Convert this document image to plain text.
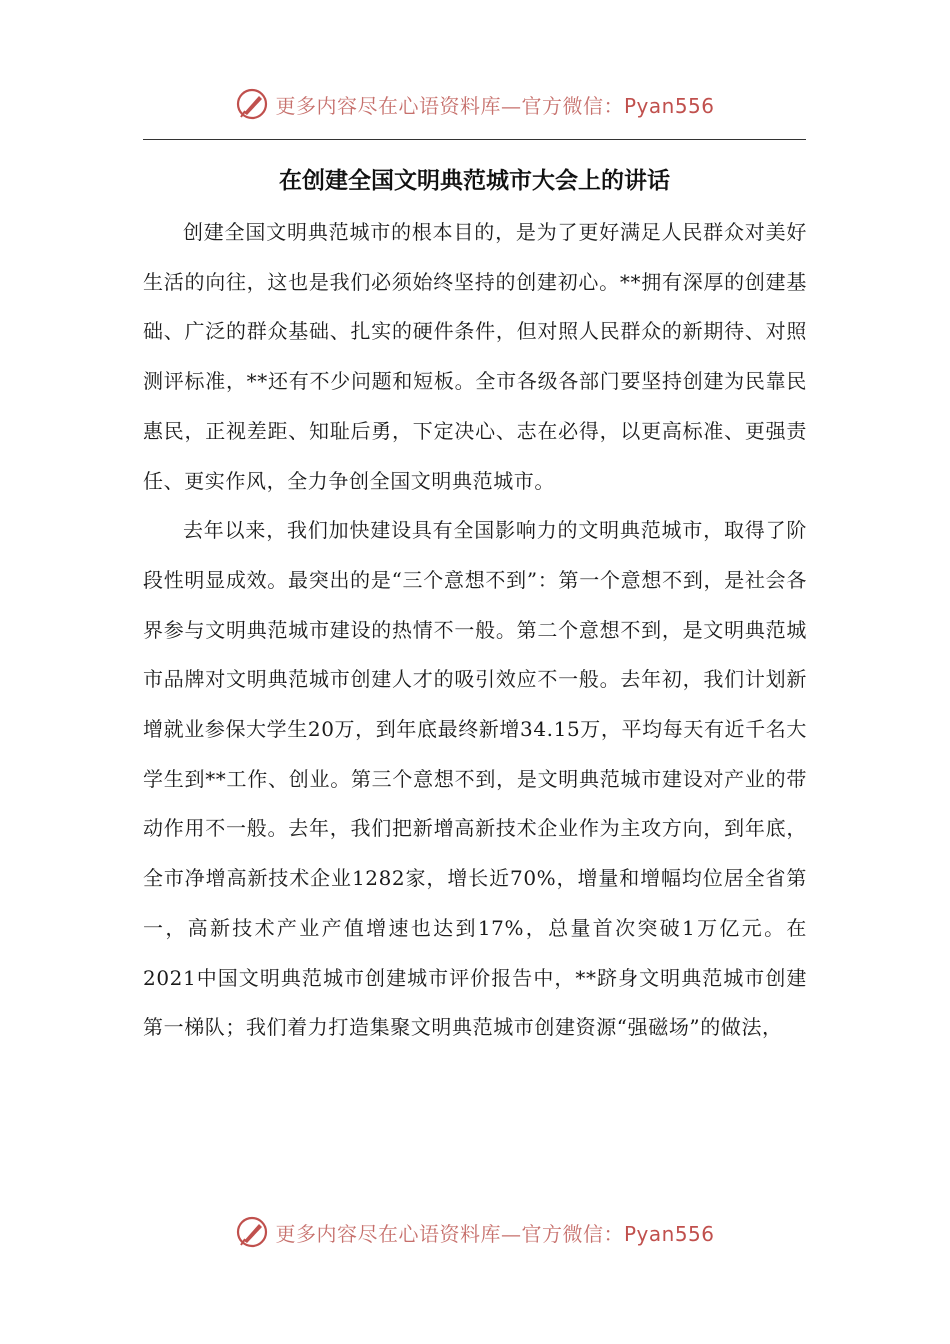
更多内容尽在心语资料库—官方微信：Pyan556
在创建全国文明典范城市大会上的讲话

创建全国文明典范城市的根本目的，是为了更好满足人民群众对美好生活的向往，这也是我们必须始终坚持的创建初心。**拥有深厚的创建基础、广泛的群众基础、扎实的硬件条件，但对照人民群众的新期待、对照测评标准，**还有不少问题和短板。全市各级各部门要坚持创建为民靠民惠民，正视差距、知耻后勇，下定决心、志在必得，以更高标准、更强责任、更实作风，全力争创全国文明典范城市。

去年以来，我们加快建设具有全国影响力的文明典范城市，取得了阶段性明显成效。最突出的是“三个意想不到”：第一个意想不到，是社会各界参与文明典范城市建设的热情不一般。第二个意想不到，是文明典范城市品牌对文明典范城市创建人才的吸引效应不一般。去年初，我们计划新增就业参保大学生20万，到年底最终新增34.15万，平均每天有近千名大学生到**工作、创业。第三个意想不到，是文明典范城市建设对产业的带动作用不一般。去年，我们把新增高新技术企业作为主攻方向，到年底，全市净增高新技术企业1282家，增长近70%，增量和增幅均位居全省第一，高新技术产业产值增速也达到17%，总量首次突破1万亿元。在2021中国文明典范城市创建城市评价报告中，**跻身文明典范城市创建第一梯队；我们着力打造集聚文明典范城市创建资源“强磁场”的做法，

更多内容尽在心语资料库—官方微信：Pyan556
